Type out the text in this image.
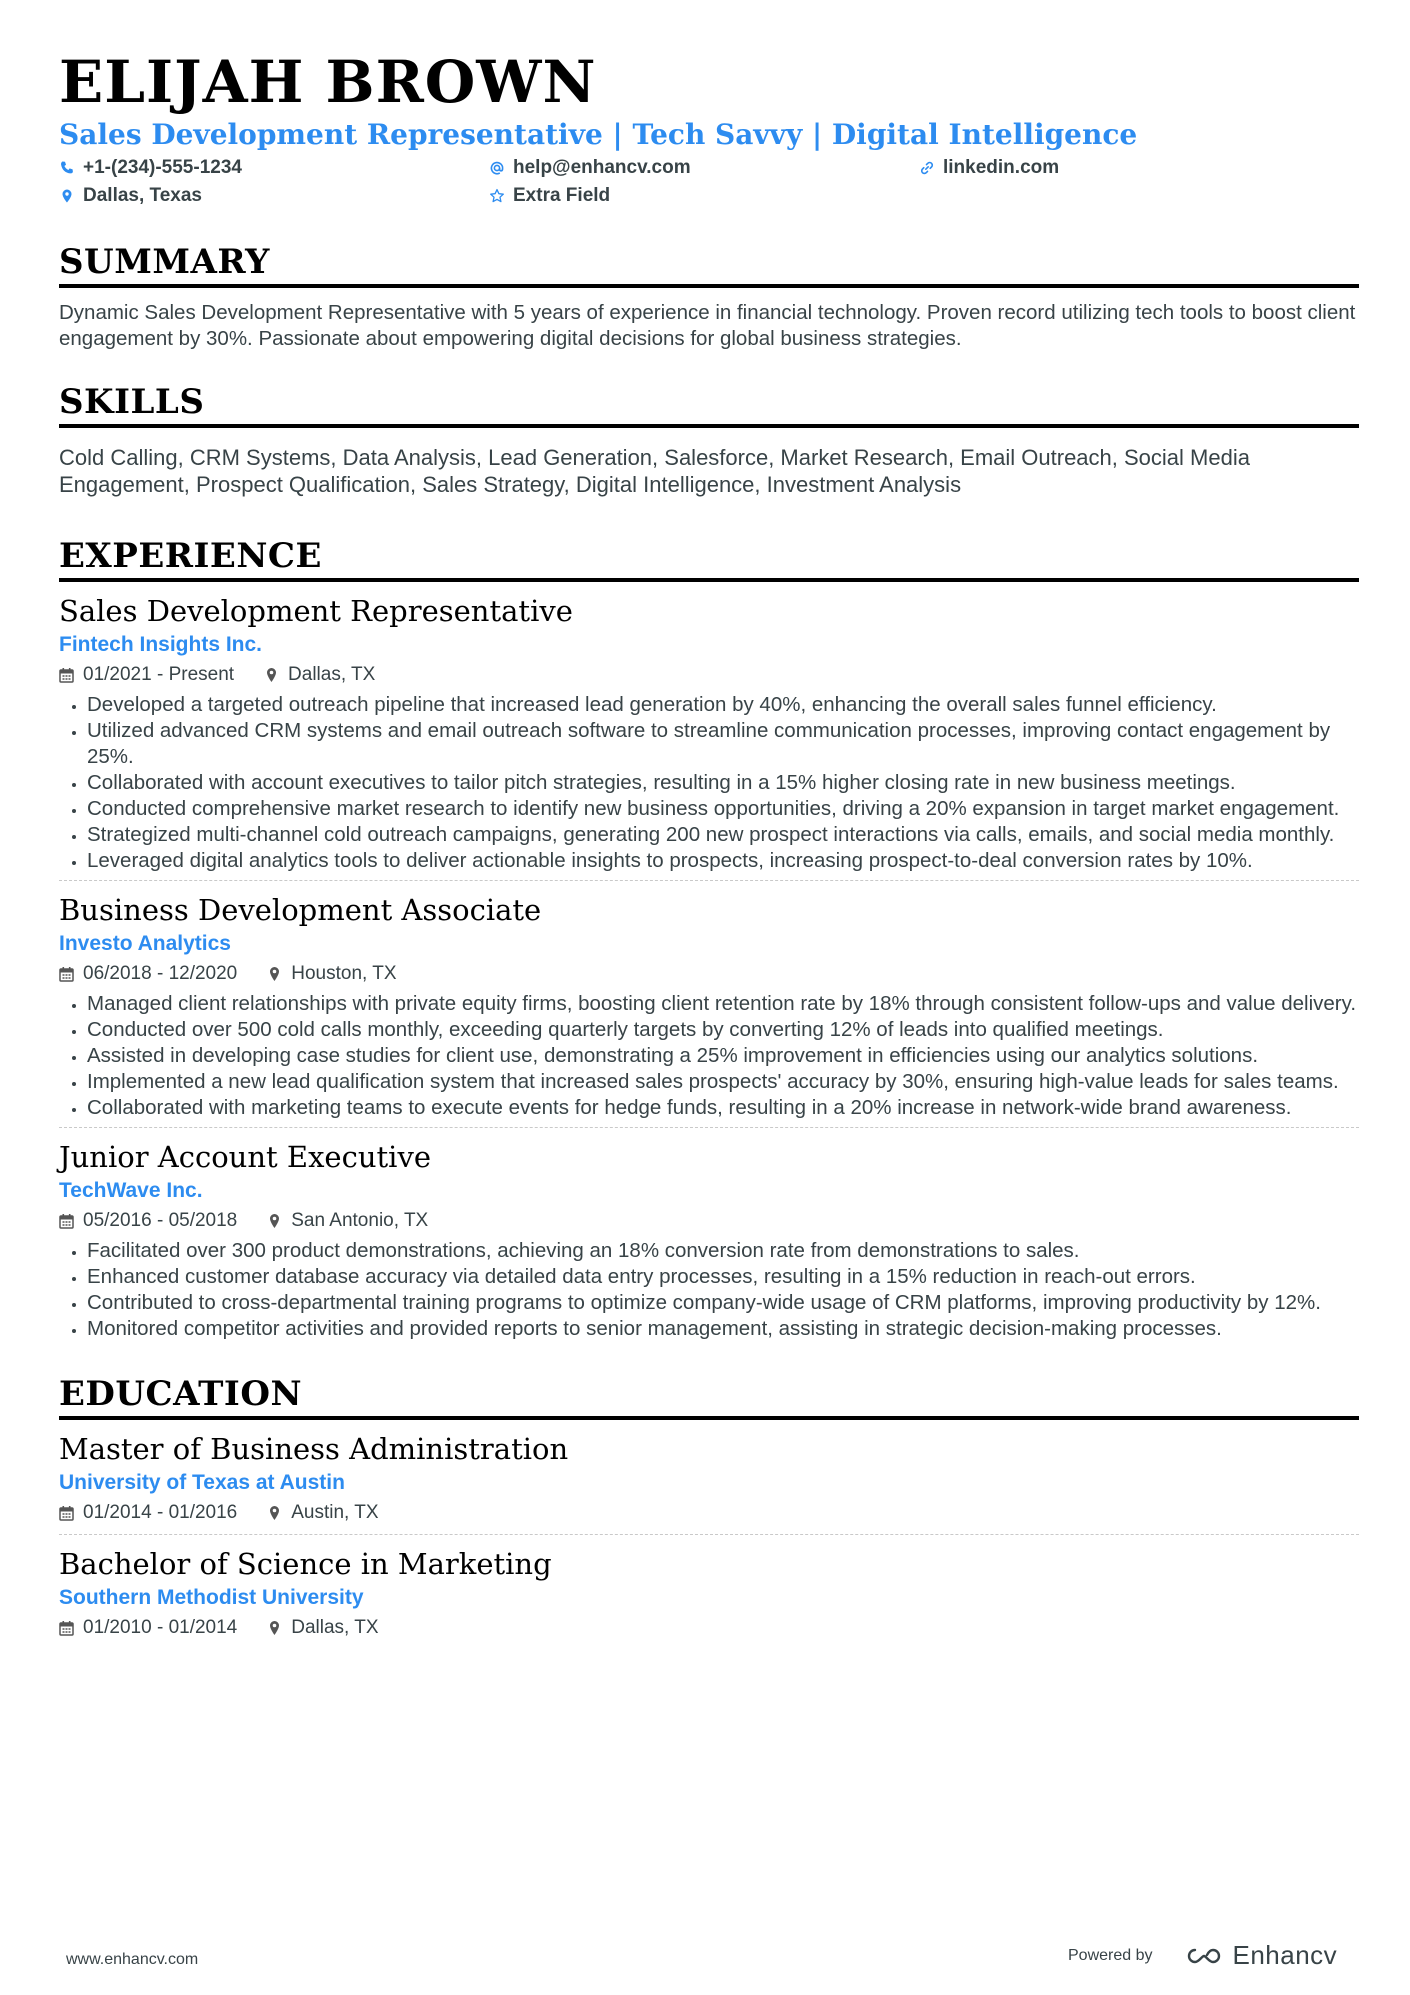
ELIJAH BROWN
Sales Development Representative | Tech Savvy | Digital Intelligence
+1-(234)-555-1234	help@enhancv.com	linkedin.com
Dallas, Texas	Extra Field
SUMMARY

Dynamic Sales Development Representative with 5 years of experience in financial technology. Proven record utilizing tech tools to boost client engagement by 30%. Passionate about empowering digital decisions for global business strategies.

SKILLS

Cold Calling, CRM Systems, Data Analysis, Lead Generation, Salesforce, Market Research, Email Outreach, Social Media Engagement, Prospect Qualification, Sales Strategy, Digital Intelligence, Investment Analysis

EXPERIENCE
Sales Development Representative
Fintech Insights Inc.
01/2021 - Present	Dallas, TX
• Developed a targeted outreach pipeline that increased lead generation by 40%, enhancing the overall sales funnel efficiency.
• Utilized advanced CRM systems and email outreach software to streamline communication processes, improving contact engagement by 25%.
• Collaborated with account executives to tailor pitch strategies, resulting in a 15% higher closing rate in new business meetings.
• Conducted comprehensive market research to identify new business opportunities, driving a 20% expansion in target market engagement.
• Strategized multi-channel cold outreach campaigns, generating 200 new prospect interactions via calls, emails, and social media monthly.
• Leveraged digital analytics tools to deliver actionable insights to prospects, increasing prospect-to-deal conversion rates by 10%.
Business Development Associate
Investo Analytics
06/2018 - 12/2020	Houston, TX
• Managed client relationships with private equity firms, boosting client retention rate by 18% through consistent follow-ups and value delivery.
• Conducted over 500 cold calls monthly, exceeding quarterly targets by converting 12% of leads into qualified meetings.
• Assisted in developing case studies for client use, demonstrating a 25% improvement in efficiencies using our analytics solutions.
• Implemented a new lead qualification system that increased sales prospects' accuracy by 30%, ensuring high-value leads for sales teams.
• Collaborated with marketing teams to execute events for hedge funds, resulting in a 20% increase in network-wide brand awareness.
Junior Account Executive
TechWave Inc.
05/2016 - 05/2018	San Antonio, TX
• Facilitated over 300 product demonstrations, achieving an 18% conversion rate from demonstrations to sales.
• Enhanced customer database accuracy via detailed data entry processes, resulting in a 15% reduction in reach-out errors.
• Contributed to cross-departmental training programs to optimize company-wide usage of CRM platforms, improving productivity by 12%.
• Monitored competitor activities and provided reports to senior management, assisting in strategic decision-making processes.
EDUCATION
Master of Business Administration
University of Texas at Austin
01/2014 - 01/2016	Austin, TX
Bachelor of Science in Marketing
Southern Methodist University
01/2010 - 01/2014	Dallas, TX
www.enhancv.com	Powered by	Enhancv
